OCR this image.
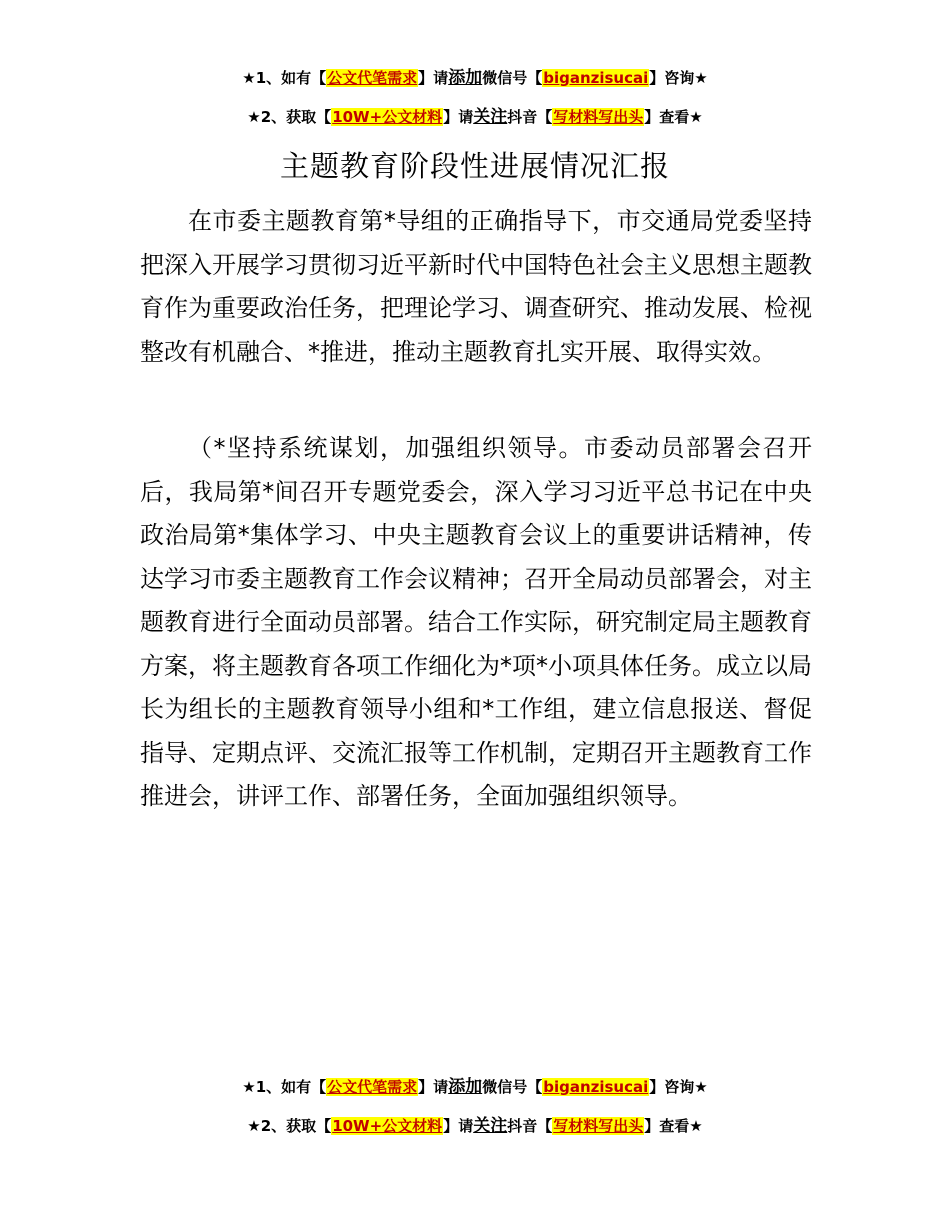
★1、如有【公文代笔需求】请添加微信号【biganzisucai】咨询★
★2、获取【10W+公文材料】请关注抖音【写材料写出头】查看★
主题教育阶段性进展情况汇报

在市委主题教育第*导组的正确指导下，市交通局党委坚持把深入开展学习贯彻习近平新时代中国特色社会主义思想主题教育作为重要政治任务，把理论学习、调查研究、推动发展、检视整改有机融合、*推进，推动主题教育扎实开展、取得实效。

（*坚持系统谋划，加强组织领导。市委动员部署会召开后，我局第*间召开专题党委会，深入学习习近平总书记在中央政治局第*集体学习、中央主题教育会议上的重要讲话精神，传达学习市委主题教育工作会议精神；召开全局动员部署会，对主题教育进行全面动员部署。结合工作实际，研究制定局主题教育方案，将主题教育各项工作细化为*项*小项具体任务。成立以局长为组长的主题教育领导小组和*工作组，建立信息报送、督促指导、定期点评、交流汇报等工作机制，定期召开主题教育工作推进会，讲评工作、部署任务，全面加强组织领导。

★1、如有【公文代笔需求】请添加微信号【biganzisucai】咨询★
★2、获取【10W+公文材料】请关注抖音【写材料写出头】查看★
